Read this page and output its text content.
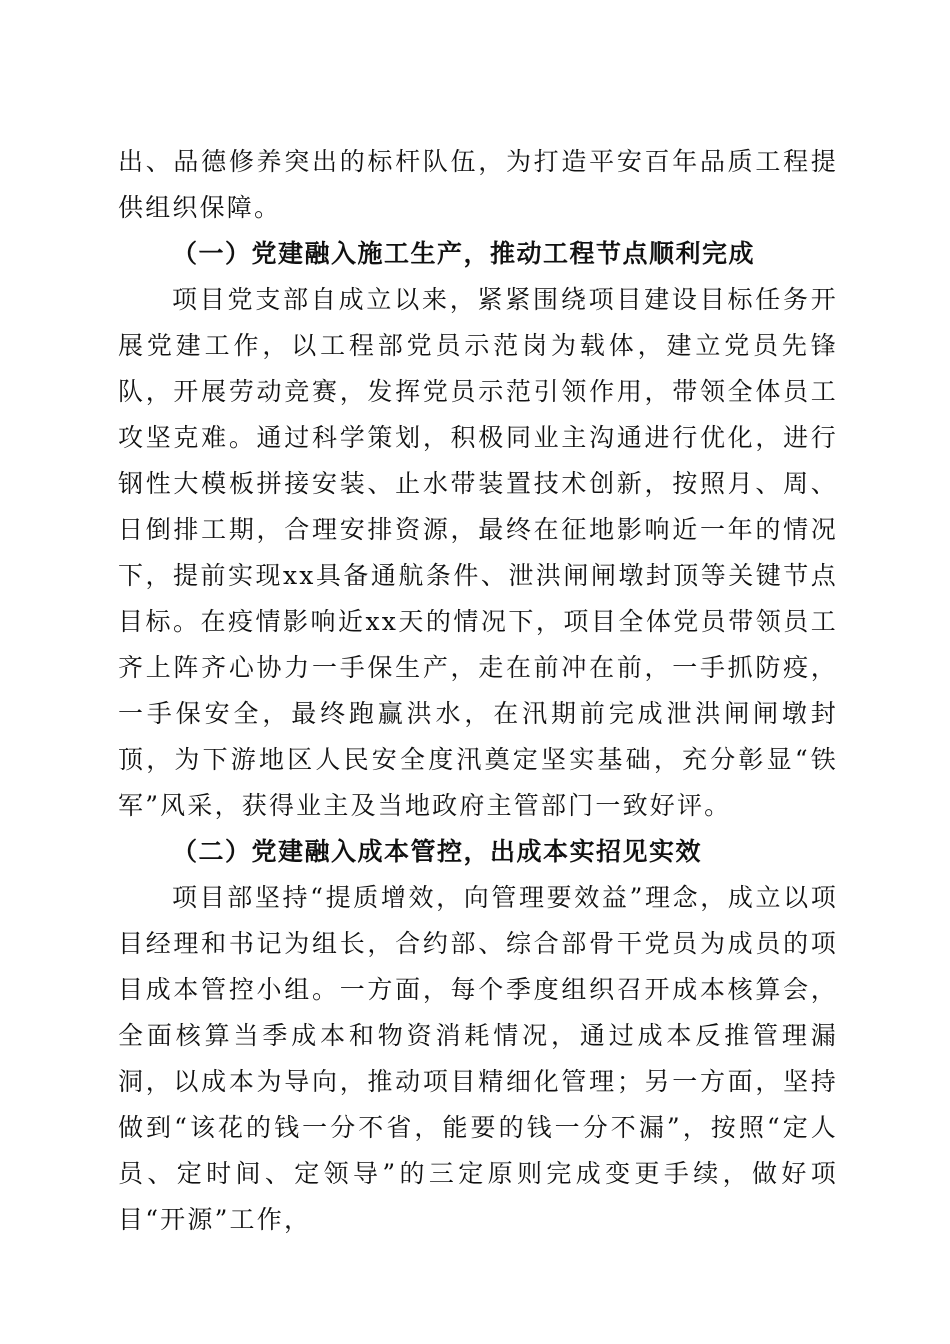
出、品德修养突出的标杆队伍，为打造平安百年品质工程提供组织保障。

（一）党建融入施工生产，推动工程节点顺利完成

项目党支部自成立以来，紧紧围绕项目建设目标任务开展党建工作，以工程部党员示范岗为载体，建立党员先锋队，开展劳动竞赛，发挥党员示范引领作用，带领全体员工攻坚克难。通过科学策划，积极同业主沟通进行优化，进行钢性大模板拼接安装、止水带装置技术创新，按照月、周、日倒排工期，合理安排资源，最终在征地影响近一年的情况下，提前实现xx具备通航条件、泄洪闸闸墩封顶等关键节点目标。在疫情影响近xx天的情况下，项目全体党员带领员工齐上阵齐心协力一手保生产，走在前冲在前，一手抓防疫，一手保安全，最终跑赢洪水，在汛期前完成泄洪闸闸墩封顶，为下游地区人民安全度汛奠定坚实基础，充分彰显“铁军”风采，获得业主及当地政府主管部门一致好评。

（二）党建融入成本管控，出成本实招见实效

项目部坚持“提质增效，向管理要效益”理念，成立以项目经理和书记为组长，合约部、综合部骨干党员为成员的项目成本管控小组。一方面，每个季度组织召开成本核算会，全面核算当季成本和物资消耗情况，通过成本反推管理漏洞，以成本为导向，推动项目精细化管理；另一方面，坚持做到“该花的钱一分不省，能要的钱一分不漏”，按照“定人员、定时间、定领导”的三定原则完成变更手续，做好项目“开源”工作，
